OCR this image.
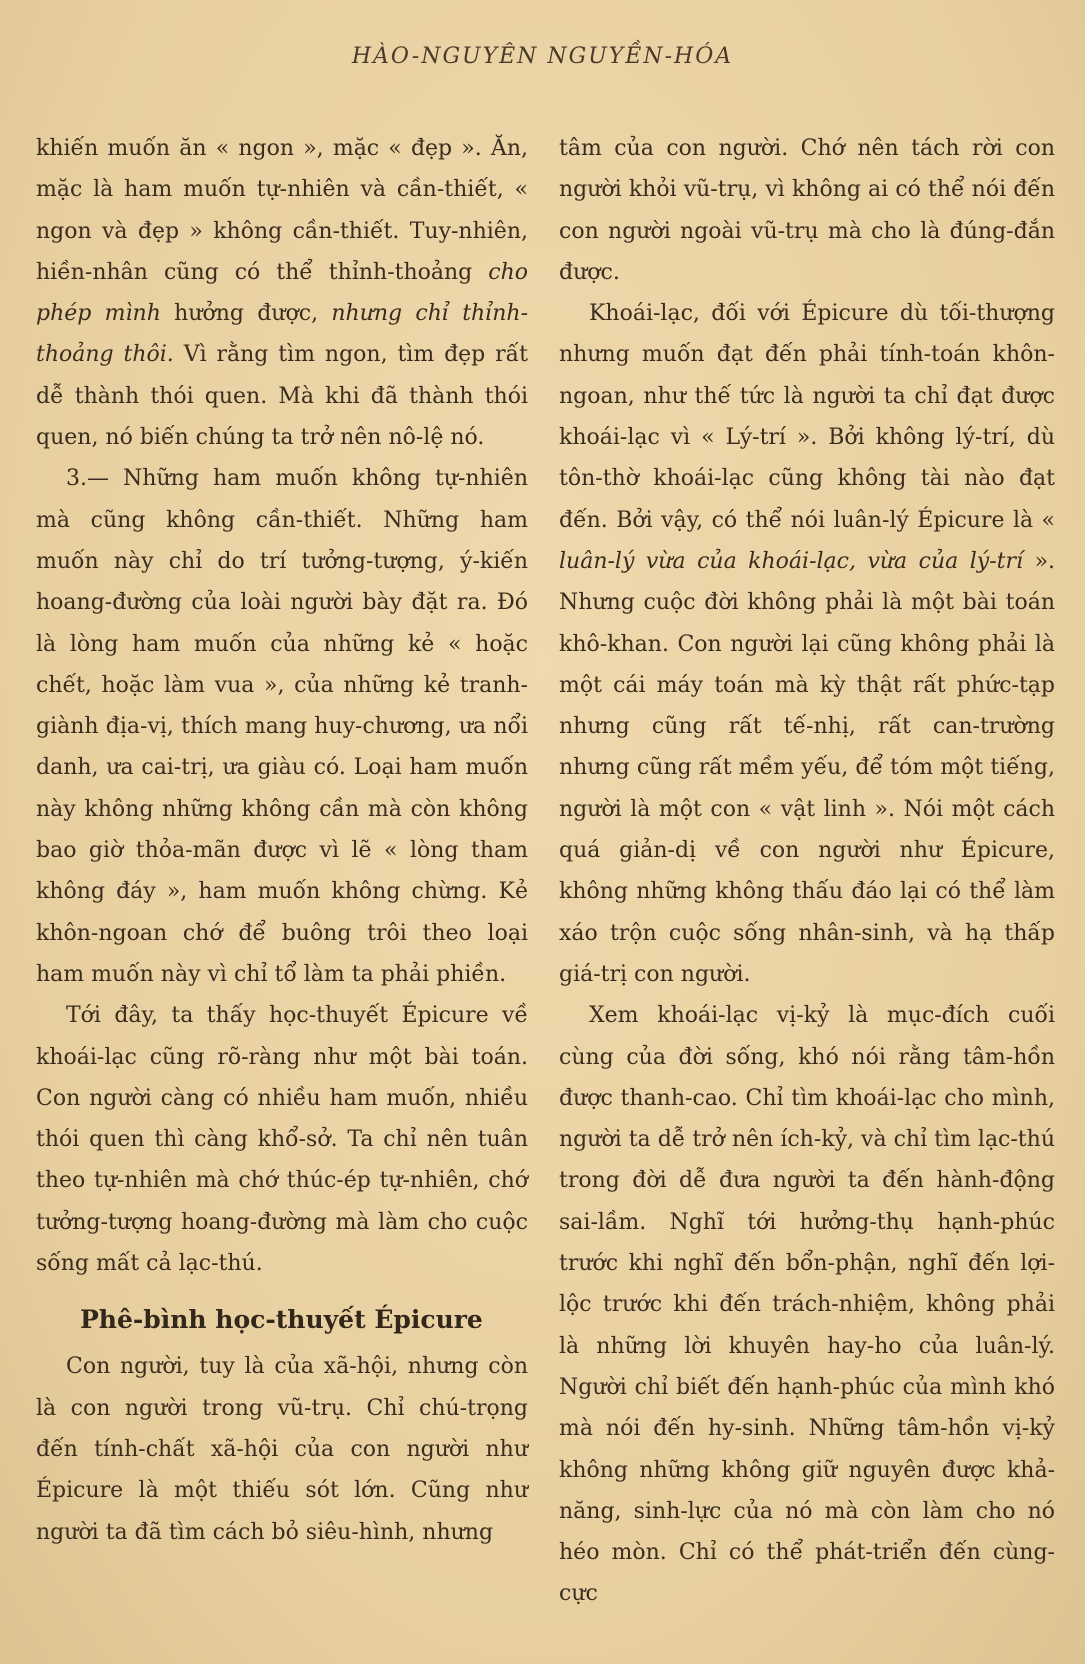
HÀO-NGUYÊN NGUYỀN-HÓA

khiến muốn ăn « ngon », mặc « đẹp ». Ăn, mặc là ham muốn tự-nhiên và cần-thiết, « ngon và đẹp » không cần-thiết. Tuy-nhiên, hiền-nhân cũng có thể thỉnh-thoảng cho phép mình hưởng được, nhưng chỉ thỉnh-thoảng thôi. Vì rằng tìm ngon, tìm đẹp rất dễ thành thói quen. Mà khi đã thành thói quen, nó biến chúng ta trở nên nô-lệ nó.

3.— Những ham muốn không tự-nhiên mà cũng không cần-thiết. Những ham muốn này chỉ do trí tưởng-tượng, ý-kiến hoang-đường của loài người bày đặt ra. Đó là lòng ham muốn của những kẻ « hoặc chết, hoặc làm vua », của những kẻ tranh-giành địa-vị, thích mang huy-chương, ưa nổi danh, ưa cai-trị, ưa giàu có. Loại ham muốn này không những không cần mà còn không bao giờ thỏa-mãn được vì lẽ « lòng tham không đáy », ham muốn không chừng. Kẻ khôn-ngoan chớ để buông trôi theo loại ham muốn này vì chỉ tổ làm ta phải phiền.

Tới đây, ta thấy học-thuyết Épicure về khoái-lạc cũng rõ-ràng như một bài toán. Con người càng có nhiều ham muốn, nhiều thói quen thì càng khổ-sở. Ta chỉ nên tuân theo tự-nhiên mà chớ thúc-ép tự-nhiên, chớ tưởng-tượng hoang-đường mà làm cho cuộc sống mất cả lạc-thú.

Phê-bình học-thuyết Épicure

Con người, tuy là của xã-hội, nhưng còn là con người trong vũ-trụ. Chỉ chú-trọng đến tính-chất xã-hội của con người như Épicure là một thiếu sót lớn. Cũng như người ta đã tìm cách bỏ siêu-hình, nhưng

tâm của con người. Chớ nên tách rời con người khỏi vũ-trụ, vì không ai có thể nói đến con người ngoài vũ-trụ mà cho là đúng-đắn được.

Khoái-lạc, đối với Épicure dù tối-thượng nhưng muốn đạt đến phải tính-toán khôn-ngoan, như thế tức là người ta chỉ đạt được khoái-lạc vì « Lý-trí ». Bởi không lý-trí, dù tôn-thờ khoái-lạc cũng không tài nào đạt đến. Bởi vậy, có thể nói luân-lý Épicure là « luân-lý vừa của khoái-lạc, vừa của lý-trí ». Nhưng cuộc đời không phải là một bài toán khô-khan. Con người lại cũng không phải là một cái máy toán mà kỳ thật rất phức-tạp nhưng cũng rất tế-nhị, rất can-trường nhưng cũng rất mềm yếu, để tóm một tiếng, người là một con « vật linh ». Nói một cách quá giản-dị về con người như Épicure, không những không thấu đáo lại có thể làm xáo trộn cuộc sống nhân-sinh, và hạ thấp giá-trị con người.

Xem khoái-lạc vị-kỷ là mục-đích cuối cùng của đời sống, khó nói rằng tâm-hồn được thanh-cao. Chỉ tìm khoái-lạc cho mình, người ta dễ trở nên ích-kỷ, và chỉ tìm lạc-thú trong đời dễ đưa người ta đến hành-động sai-lầm. Nghĩ tới hưởng-thụ hạnh-phúc trước khi nghĩ đến bổn-phận, nghĩ đến lợi-lộc trước khi đến trách-nhiệm, không phải là những lời khuyên hay-ho của luân-lý. Người chỉ biết đến hạnh-phúc của mình khó mà nói đến hy-sinh. Những tâm-hồn vị-kỷ không những không giữ nguyên được khả-năng, sinh-lực của nó mà còn làm cho nó héo mòn. Chỉ có thể phát-triển đến cùng-cực
